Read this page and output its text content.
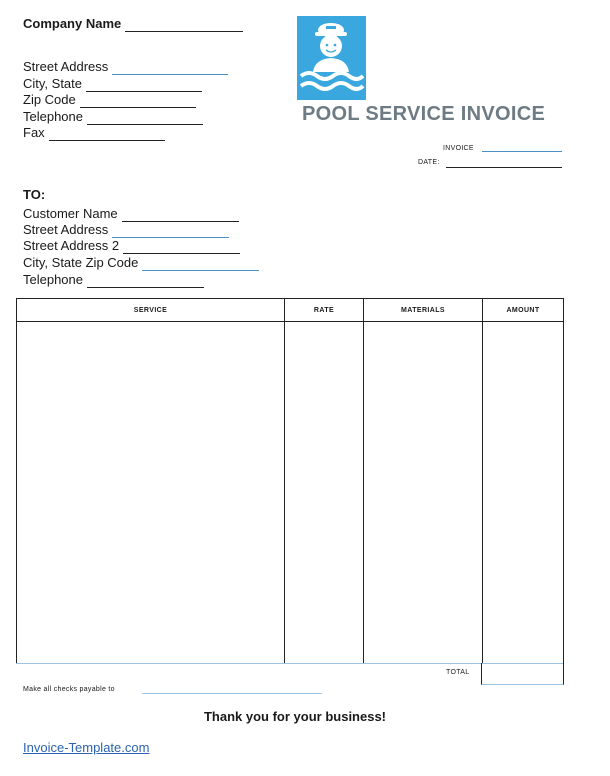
Company Name
Street Address
City, State
Zip Code
Telephone
Fax
POOL SERVICE INVOICE
INVOICE
DATE:
TO:
Customer Name
Street Address
Street Address 2
City, State Zip Code
Telephone
SERVICE	RATE	MATERIALS	AMOUNT

TOTAL
Make all checks payable to
Thank you for your business!
Invoice-Template.com
